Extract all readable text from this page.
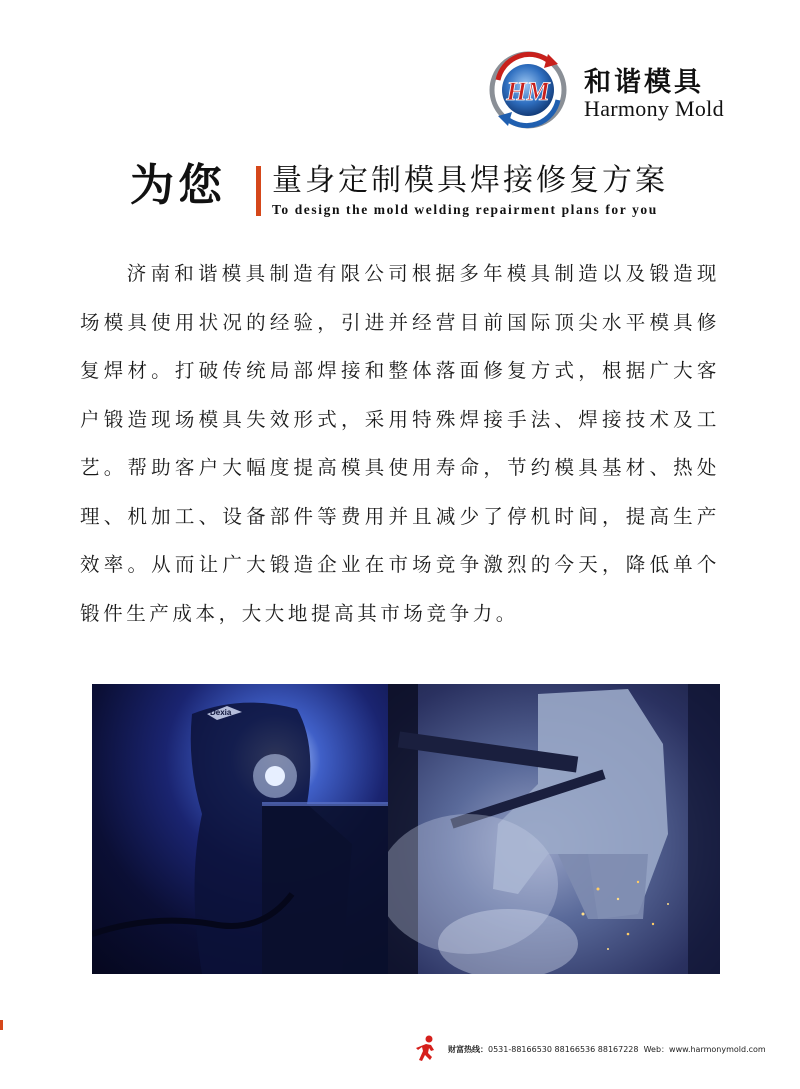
HM 和谐模具
Harmony Mold
为您 量身定制模具焊接修复方案
To design the mold welding repairment plans for you
济南和谐模具制造有限公司根据多年模具制造以及锻造现场模具使用状况的经验，引进并经营目前国际顶尖水平模具修复焊材。打破传统局部焊接和整体落面修复方式，根据广大客户锻造现场模具失效形式，采用特殊焊接手法、焊接技术及工艺。帮助客户大幅度提高模具使用寿命，节约模具基材、热处理、机加工、设备部件等费用并且减少了停机时间，提高生产效率。从而让广大锻造企业在市场竞争激烈的今天，降低单个锻件生产成本，大大地提高其市场竞争力。
Dexia
财富热线：0531-88166530 88166536 88167228 Web：www.harmonymold.com
